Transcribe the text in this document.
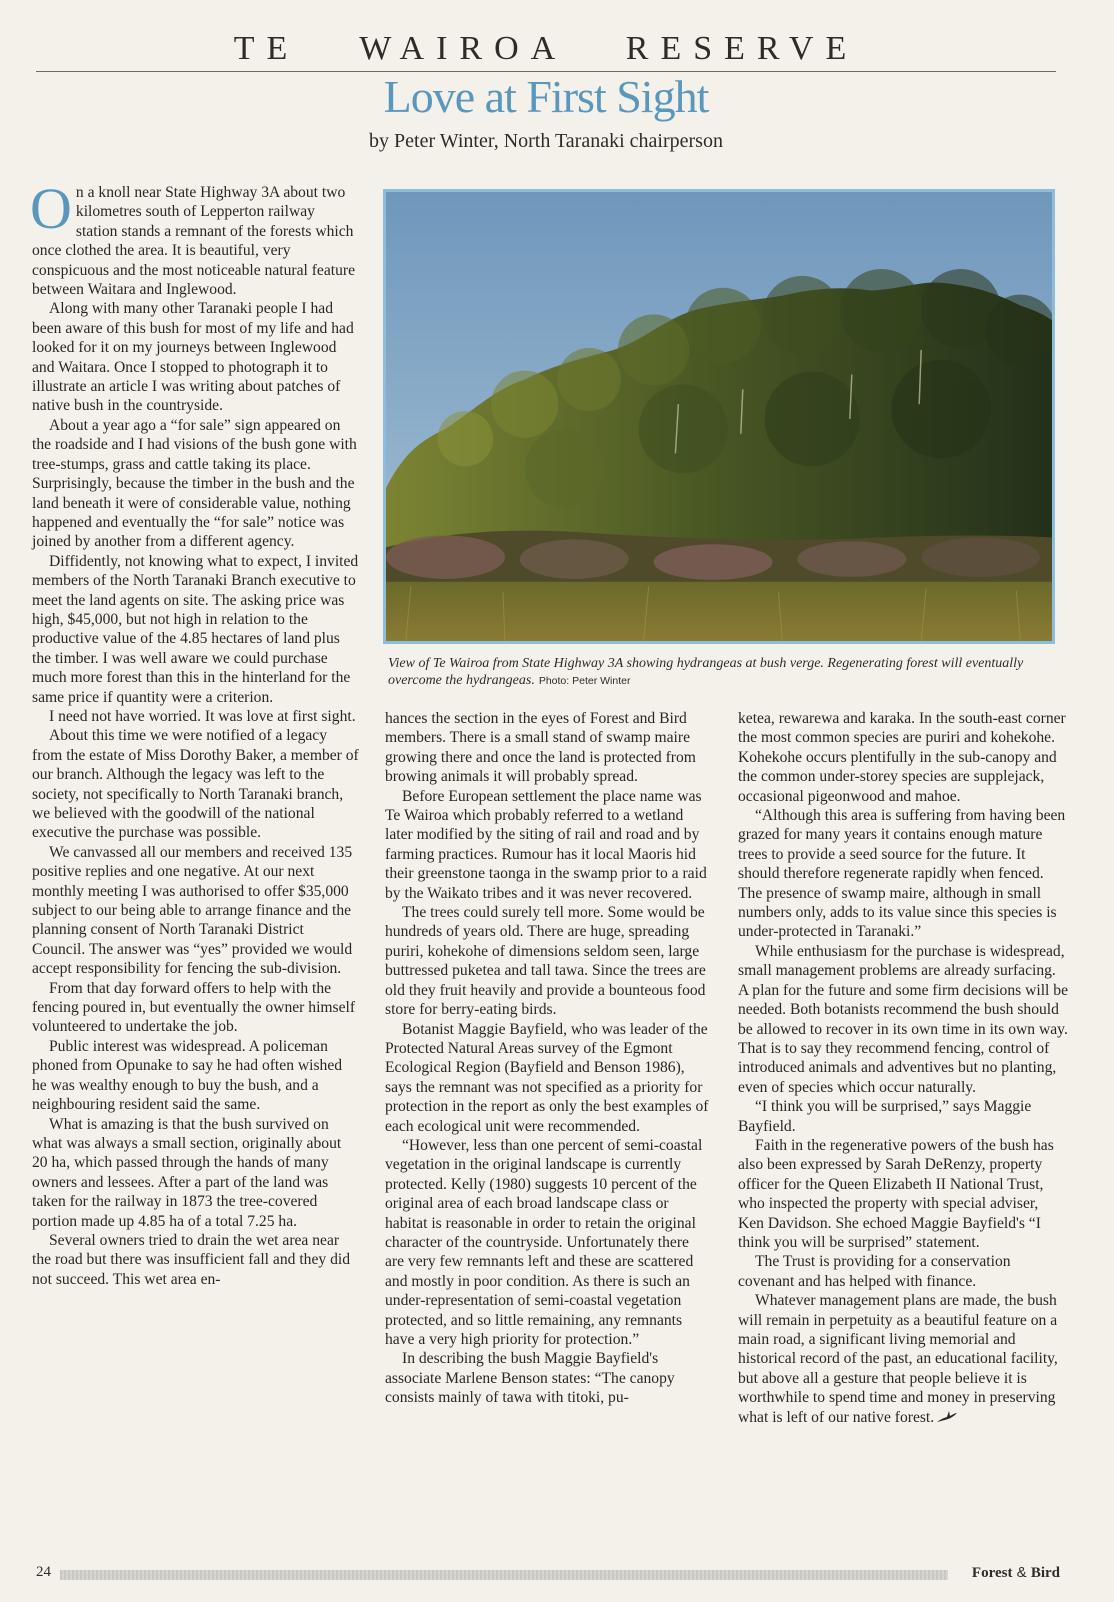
TE WAIROA RESERVE
Love at First Sight
by Peter Winter, North Taranaki chairperson

On a knoll near State Highway 3A about two kilometres south of Lepperton railway station stands a remnant of the forests which once clothed the area. It is beautiful, very conspicuous and the most noticeable natural feature between Waitara and Inglewood.

Along with many other Taranaki people I had been aware of this bush for most of my life and had looked for it on my journeys between Inglewood and Waitara. Once I stopped to photograph it to illustrate an article I was writing about patches of native bush in the countryside.

About a year ago a “for sale” sign appeared on the roadside and I had visions of the bush gone with tree-stumps, grass and cattle taking its place. Surprisingly, because the timber in the bush and the land beneath it were of considerable value, nothing happened and eventually the “for sale” notice was joined by another from a different agency.

Diffidently, not knowing what to expect, I invited members of the North Taranaki Branch executive to meet the land agents on site. The asking price was high, $45,000, but not high in relation to the productive value of the 4.85 hectares of land plus the timber. I was well aware we could purchase much more forest than this in the hinterland for the same price if quantity were a criterion.

I need not have worried. It was love at first sight.

About this time we were notified of a legacy from the estate of Miss Dorothy Baker, a member of our branch. Although the legacy was left to the society, not specifically to North Taranaki branch, we believed with the goodwill of the national executive the purchase was possible.

We canvassed all our members and received 135 positive replies and one negative. At our next monthly meeting I was authorised to offer $35,000 subject to our being able to arrange finance and the planning consent of North Taranaki District Council. The answer was “yes” provided we would accept responsibility for fencing the sub-division.

From that day forward offers to help with the fencing poured in, but eventually the owner himself volunteered to undertake the job.

Public interest was widespread. A policeman phoned from Opunake to say he had often wished he was wealthy enough to buy the bush, and a neighbouring resident said the same.

What is amazing is that the bush survived on what was always a small section, originally about 20 ha, which passed through the hands of many owners and lessees. After a part of the land was taken for the railway in 1873 the tree-covered portion made up 4.85 ha of a total 7.25 ha.

Several owners tried to drain the wet area near the road but there was insufficient fall and they did not succeed. This wet area en-

View of Te Wairoa from State Highway 3A showing hydrangeas at bush verge. Regenerating forest will eventually overcome the hydrangeas. Photo: Peter Winter

hances the section in the eyes of Forest and Bird members. There is a small stand of swamp maire growing there and once the land is protected from browing animals it will probably spread.

Before European settlement the place name was Te Wairoa which probably referred to a wetland later modified by the siting of rail and road and by farming practices. Rumour has it local Maoris hid their greenstone taonga in the swamp prior to a raid by the Waikato tribes and it was never recovered.

The trees could surely tell more. Some would be hundreds of years old. There are huge, spreading puriri, kohekohe of dimensions seldom seen, large buttressed puketea and tall tawa. Since the trees are old they fruit heavily and provide a bounteous food store for berry-eating birds.

Botanist Maggie Bayfield, who was leader of the Protected Natural Areas survey of the Egmont Ecological Region (Bayfield and Benson 1986), says the remnant was not specified as a priority for protection in the report as only the best examples of each ecological unit were recommended.

“However, less than one percent of semi-coastal vegetation in the original landscape is currently protected. Kelly (1980) suggests 10 percent of the original area of each broad landscape class or habitat is reasonable in order to retain the original character of the countryside. Unfortunately there are very few remnants left and these are scattered and mostly in poor condition. As there is such an under-representation of semi-coastal vegetation protected, and so little remaining, any remnants have a very high priority for protection.”

In describing the bush Maggie Bayfield's associate Marlene Benson states: “The canopy consists mainly of tawa with titoki, pu-

ketea, rewarewa and karaka. In the south-east corner the most common species are puriri and kohekohe. Kohekohe occurs plentifully in the sub-canopy and the common under-storey species are supplejack, occasional pigeonwood and mahoe.

“Although this area is suffering from having been grazed for many years it contains enough mature trees to provide a seed source for the future. It should therefore regenerate rapidly when fenced. The presence of swamp maire, although in small numbers only, adds to its value since this species is under-protected in Taranaki.”

While enthusiasm for the purchase is widespread, small management problems are already surfacing. A plan for the future and some firm decisions will be needed. Both botanists recommend the bush should be allowed to recover in its own time in its own way. That is to say they recommend fencing, control of introduced animals and adventives but no planting, even of species which occur naturally.

“I think you will be surprised,” says Maggie Bayfield.

Faith in the regenerative powers of the bush has also been expressed by Sarah DeRenzy, property officer for the Queen Elizabeth II National Trust, who inspected the property with special adviser, Ken Davidson. She echoed Maggie Bayfield's “I think you will be surprised” statement.

The Trust is providing for a conservation covenant and has helped with finance.

Whatever management plans are made, the bush will remain in perpetuity as a beautiful feature on a main road, a significant living memorial and historical record of the past, an educational facility, but above all a gesture that people believe it is worthwhile to spend time and money in preserving what is left of our native forest.

24	Forest & Bird
